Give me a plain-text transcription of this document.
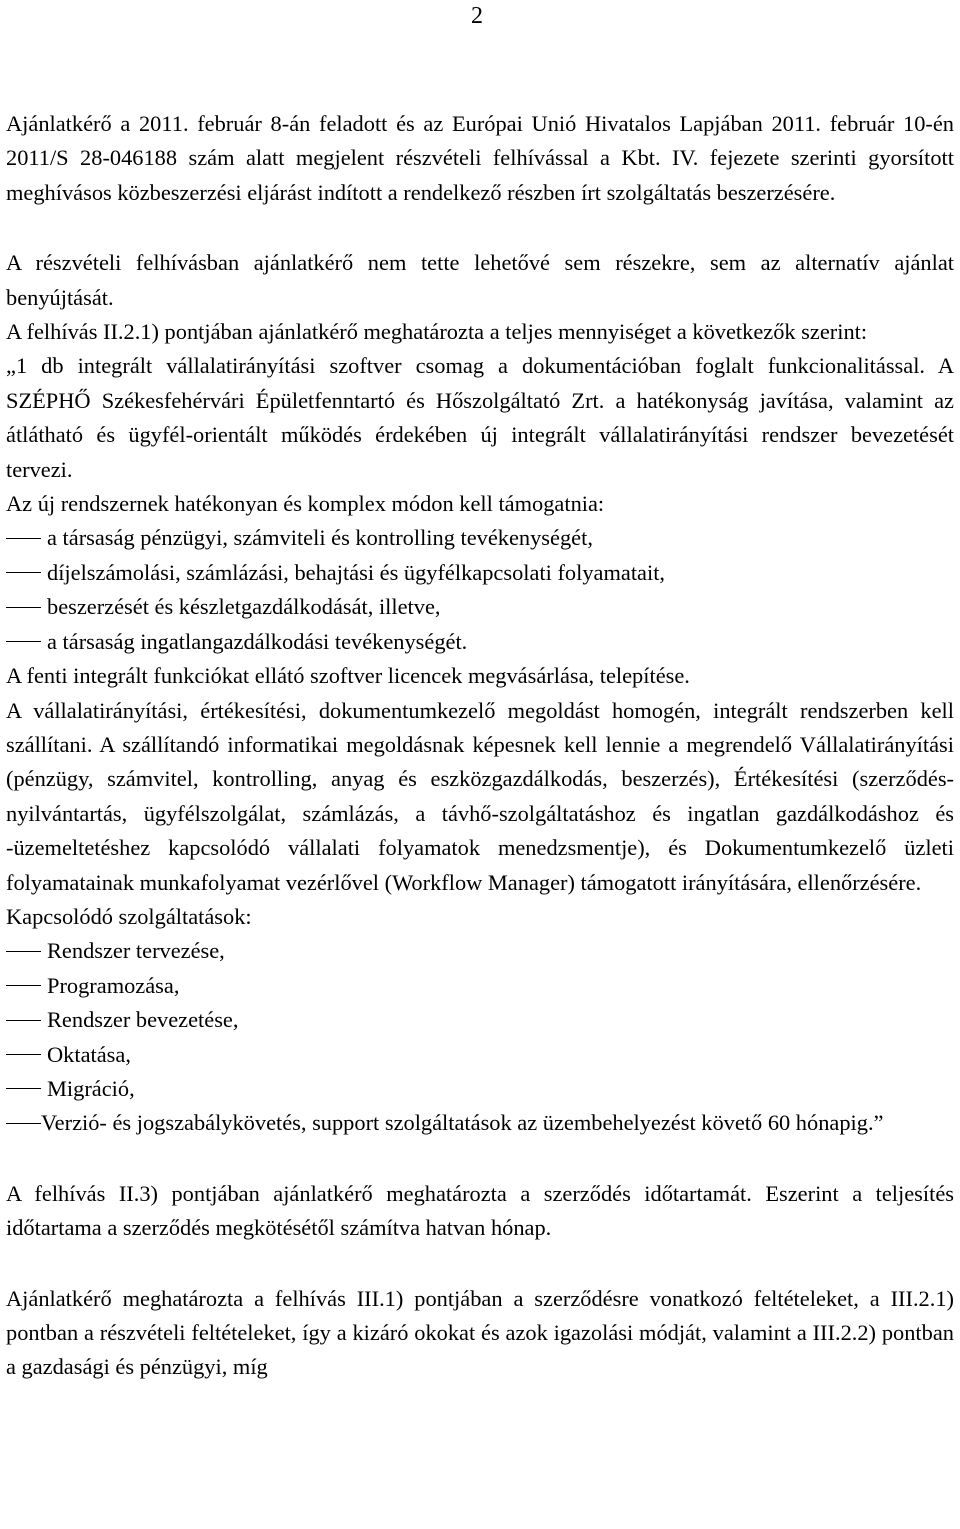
2

Ajánlatkérő a 2011. február 8-án feladott és az Európai Unió Hivatalos Lapjában 2011. február 10-én 2011/S 28-046188 szám alatt megjelent részvételi felhívással a Kbt. IV. fejezete szerinti gyorsított meghívásos közbeszerzési eljárást indított a rendelkező részben írt szolgáltatás beszerzésére.

A részvételi felhívásban ajánlatkérő nem tette lehetővé sem részekre, sem az alternatív ajánlat benyújtását.

A felhívás II.2.1) pontjában ajánlatkérő meghatározta a teljes mennyiséget a következők szerint:

„1 db integrált vállalatirányítási szoftver csomag a dokumentációban foglalt funkcionalitással. A SZÉPHŐ Székesfehérvári Épületfenntartó és Hőszolgáltató Zrt. a hatékonyság javítása, valamint az átlátható és ügyfél-orientált működés érdekében új integrált vállalatirányítási rendszer bevezetését tervezi.

Az új rendszernek hatékonyan és komplex módon kell támogatnia:

a társaság pénzügyi, számviteli és kontrolling tevékenységét,

díjelszámolási, számlázási, behajtási és ügyfélkapcsolati folyamatait,

beszerzését és készletgazdálkodását, illetve,

a társaság ingatlangazdálkodási tevékenységét.

A fenti integrált funkciókat ellátó szoftver licencek megvásárlása, telepítése.

A vállalatirányítási, értékesítési, dokumentumkezelő megoldást homogén, integrált rendszerben kell szállítani. A szállítandó informatikai megoldásnak képesnek kell lennie a megrendelő Vállalatirányítási (pénzügy, számvitel, kontrolling, anyag és eszközgazdálkodás, beszerzés), Értékesítési (szerződés-nyilvántartás, ügyfélszolgálat, számlázás, a távhő-szolgáltatáshoz és ingatlan gazdálkodáshoz és -üzemeltetéshez kapcsolódó vállalati folyamatok menedzsmentje), és Dokumentumkezelő üzleti folyamatainak munkafolyamat vezérlővel (Workflow Manager) támogatott irányítására, ellenőrzésére.

Kapcsolódó szolgáltatások:

Rendszer tervezése,

Programozása,

Rendszer bevezetése,

Oktatása,

Migráció,

Verzió- és jogszabálykövetés, support szolgáltatások az üzembehelyezést követő 60 hónapig.”

A felhívás II.3) pontjában ajánlatkérő meghatározta a szerződés időtartamát. Eszerint a teljesítés időtartama a szerződés megkötésétől számítva hatvan hónap.

Ajánlatkérő meghatározta a felhívás III.1) pontjában a szerződésre vonatkozó feltételeket, a III.2.1) pontban a részvételi feltételeket, így a kizáró okokat és azok igazolási módját, valamint a III.2.2) pontban a gazdasági és pénzügyi, míg
